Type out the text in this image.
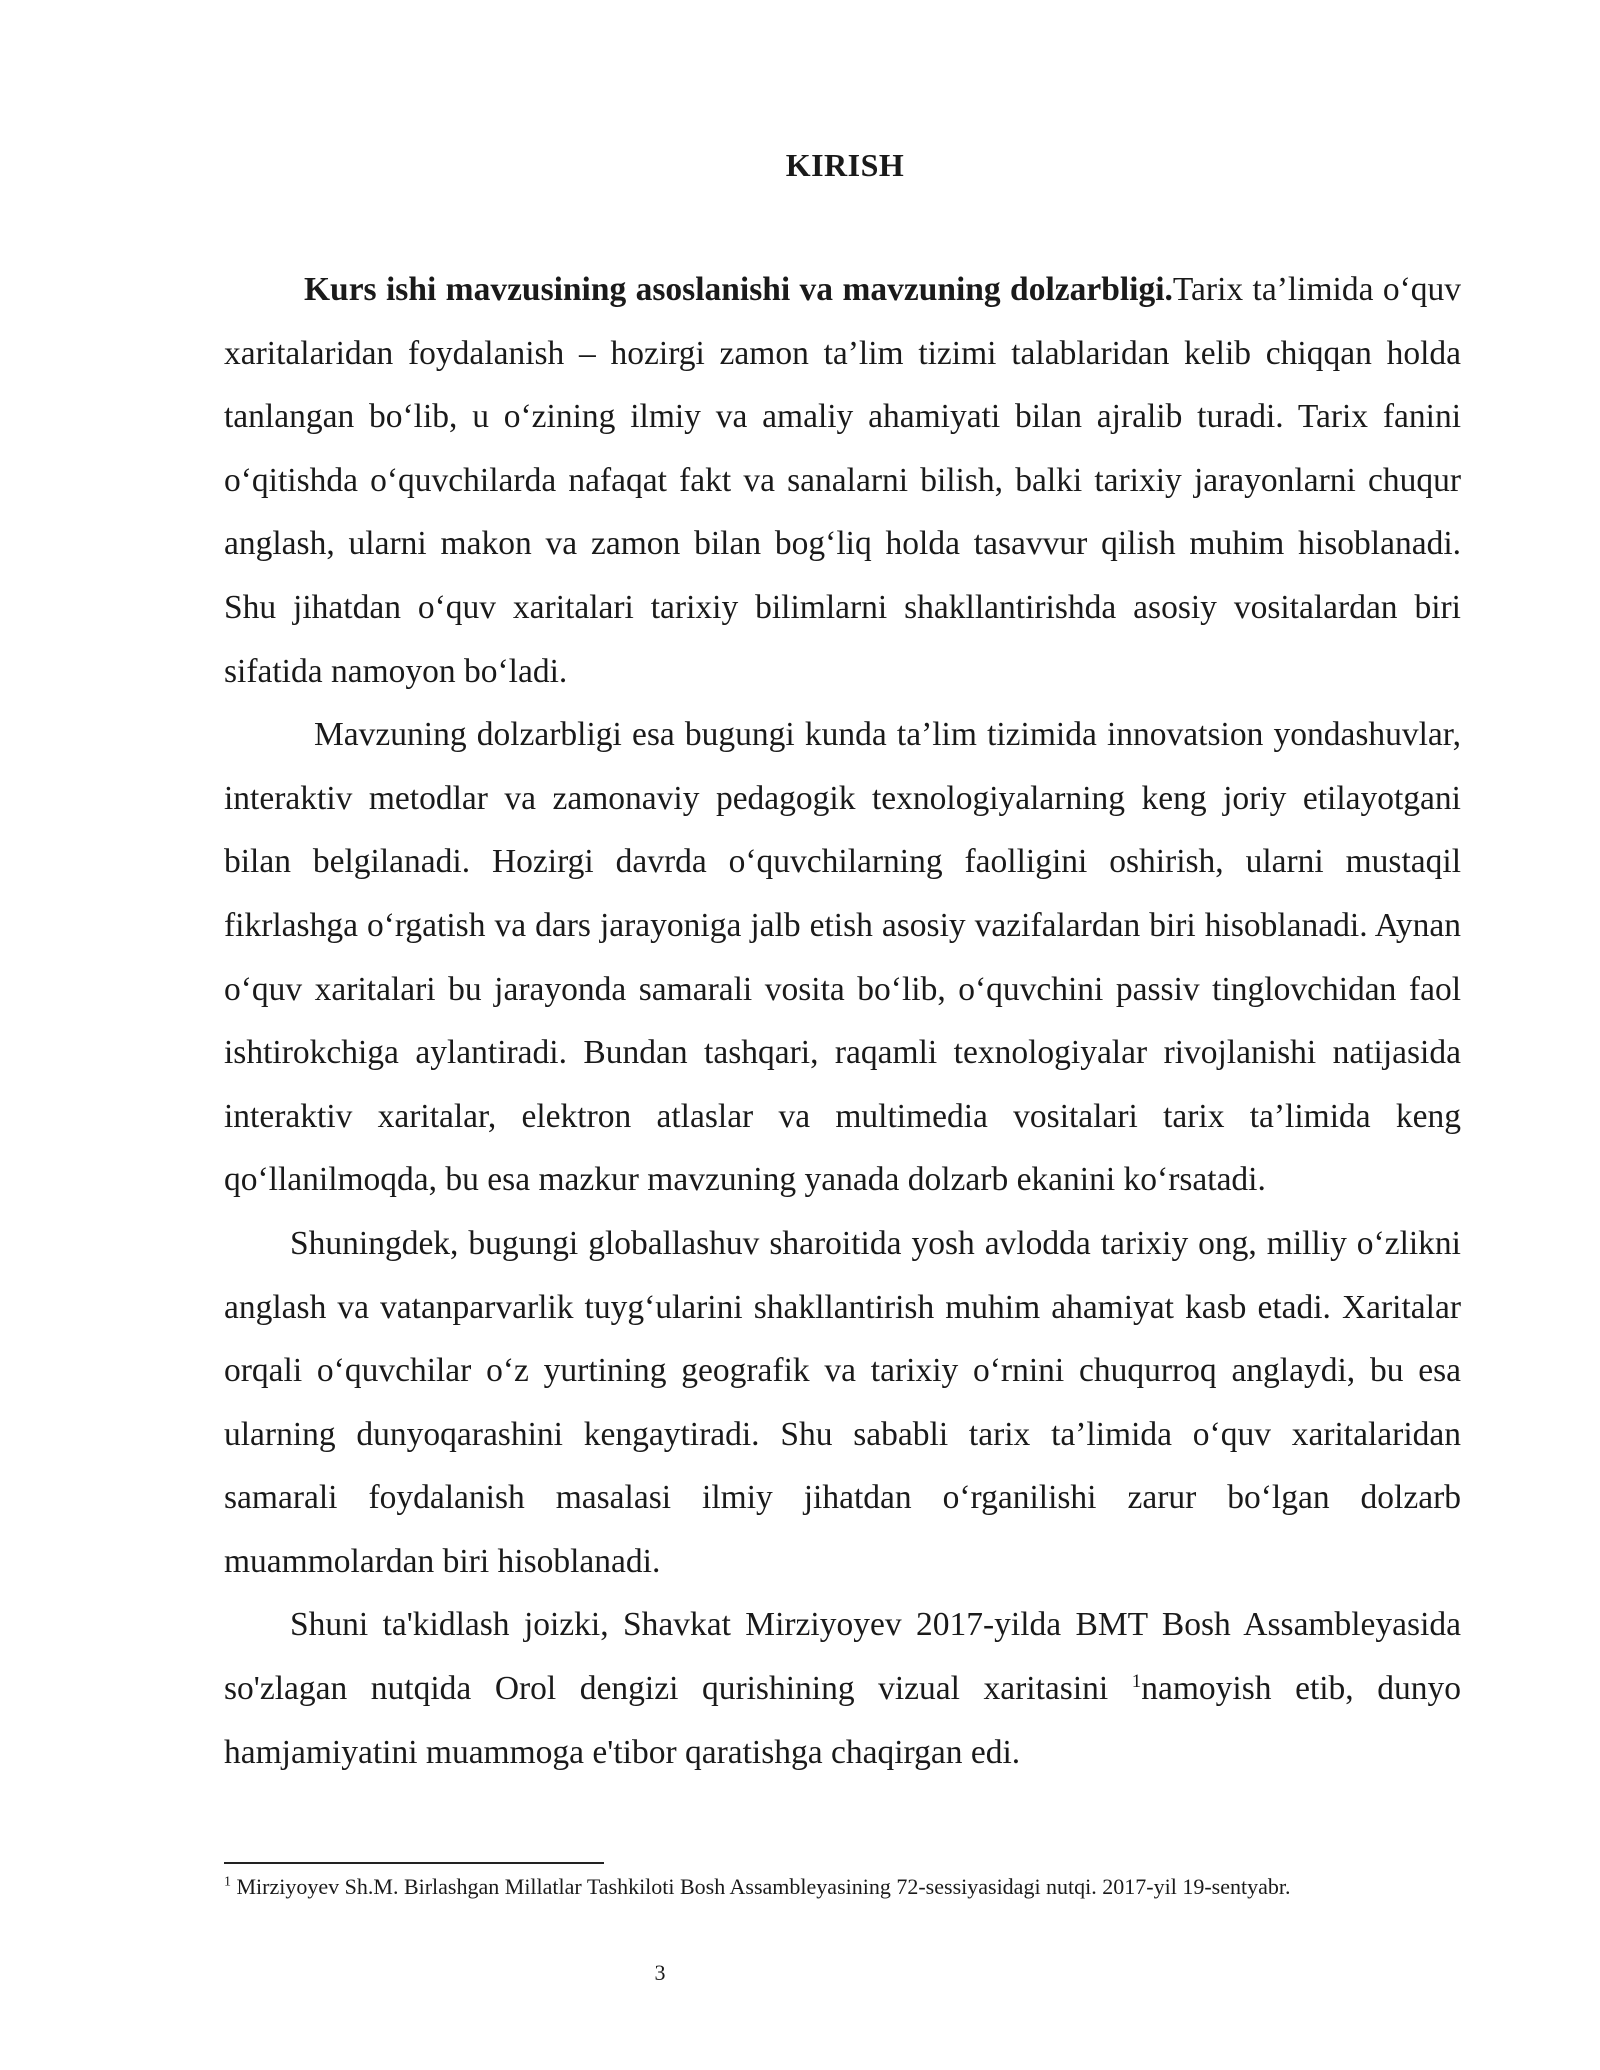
KIRISH

Kurs ishi mavzusining asoslanishi va mavzuning dolzarbligi.Tarix ta’limida o‘quv xaritalaridan foydalanish – hozirgi zamon ta’lim tizimi talablaridan kelib chiqqan holda tanlangan bo‘lib, u o‘zining ilmiy va amaliy ahamiyati bilan ajralib turadi. Tarix fanini o‘qitishda o‘quvchilarda nafaqat fakt va sanalarni bilish, balki tarixiy jarayonlarni chuqur anglash, ularni makon va zamon bilan bog‘liq holda tasavvur qilish muhim hisoblanadi. Shu jihatdan o‘quv xaritalari tarixiy bilimlarni shakllantirishda asosiy vositalardan biri sifatida namoyon bo‘ladi.

Mavzuning dolzarbligi esa bugungi kunda ta’lim tizimida innovatsion yondashuvlar, interaktiv metodlar va zamonaviy pedagogik texnologiyalarning keng joriy etilayotgani bilan belgilanadi. Hozirgi davrda o‘quvchilarning faolligini oshirish, ularni mustaqil fikrlashga o‘rgatish va dars jarayoniga jalb etish asosiy vazifalardan biri hisoblanadi. Aynan o‘quv xaritalari bu jarayonda samarali vosita bo‘lib, o‘quvchini passiv tinglovchidan faol ishtirokchiga aylantiradi. Bundan tashqari, raqamli texnologiyalar rivojlanishi natijasida interaktiv xaritalar, elektron atlaslar va multimedia vositalari tarix ta’limida keng qo‘llanilmoqda, bu esa mazkur mavzuning yanada dolzarb ekanini ko‘rsatadi.

Shuningdek, bugungi globallashuv sharoitida yosh avlodda tarixiy ong, milliy o‘zlikni anglash va vatanparvarlik tuyg‘ularini shakllantirish muhim ahamiyat kasb etadi. Xaritalar orqali o‘quvchilar o‘z yurtining geografik va tarixiy o‘rnini chuqurroq anglaydi, bu esa ularning dunyoqarashini kengaytiradi. Shu sababli tarix ta’limida o‘quv xaritalaridan samarali foydalanish masalasi ilmiy jihatdan o‘rganilishi zarur bo‘lgan dolzarb muammolardan biri hisoblanadi.

Shuni ta'kidlash joizki, Shavkat Mirziyoyev 2017-yilda BMT Bosh Assambleyasida so'zlagan nutqida Orol dengizi qurishining vizual xaritasini $^1$namoyish etib, dunyo hamjamiyatini muammoga e'tibor qaratishga chaqirgan edi.

$^1$ Mirziyoyev Sh.M. Birlashgan Millatlar Tashkiloti Bosh Assambleyasining 72-sessiyasidagi nutqi. 2017-yil 19-sentyabr.
3
